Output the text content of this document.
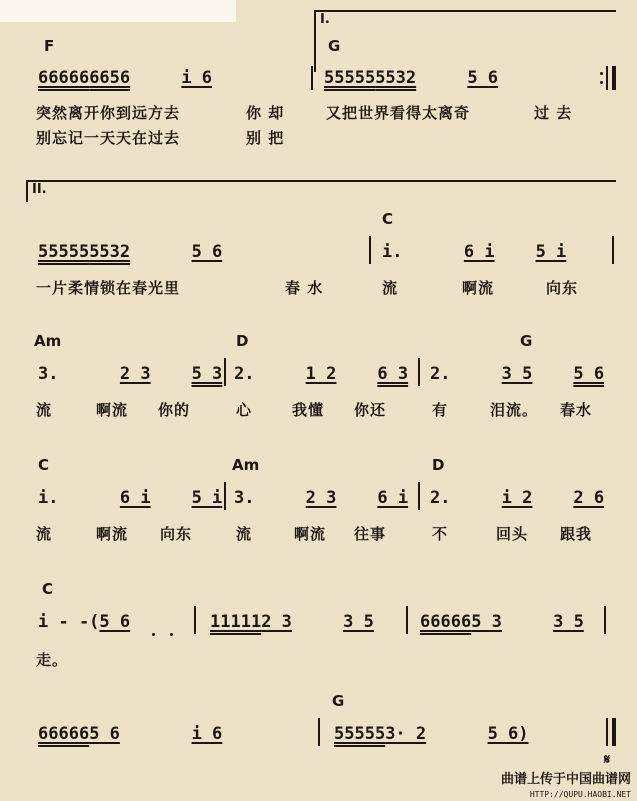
F
I.
G
666666656	i 6	555555532	5 6
突然离开你到远方去	你 却	又把世界看得太离奇	过 去
别忘记一天天在过去	别 把
II.
C
555555532	5 6	i.	6 i 5 i
一片柔情锁在春光里	春 水	流	啊流	向东
Am	D	G
3.	2 3 5 3 2.	1 2 6 3 2.	3 5 5 6
流	啊流 你的	心	我懂 你还	有	泪流。 春水
C	Am	D
i.	6 i 5 i 3.	2 3 6 i 2.	i 2 2 6
流	啊流 向东	流	啊流 往事	不	回头 跟我
C
i - -(5 6	111112 3	3 5	666665 3	3 5
走。
G
666665 6	i 6	555553· 2	5 6)
𝄋
曲谱上传于中国曲谱网
HTTP://QUPU.HAOBI.NET
